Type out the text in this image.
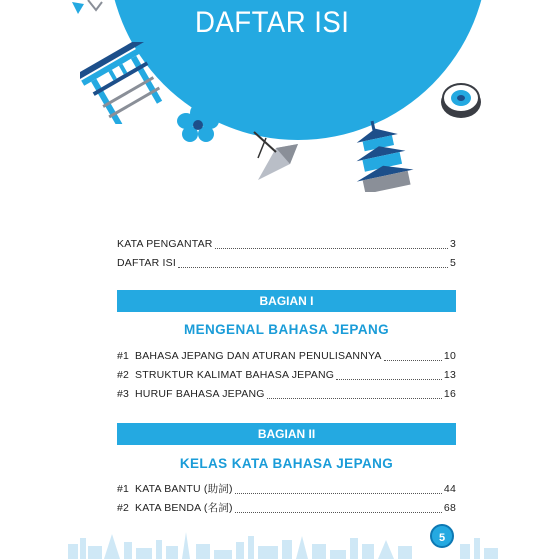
DAFTAR ISI
KATA PENGANTAR	3
DAFTAR ISI	5
BAGIAN I
MENGENAL BAHASA JEPANG
#1 BAHASA JEPANG DAN ATURAN PENULISANNYA	10
#2 STRUKTUR KALIMAT BAHASA JEPANG	13
#3 HURUF BAHASA JEPANG	16
BAGIAN II
KELAS KATA BAHASA JEPANG
#1 KATA BANTU (助詞)	44
#2 KATA BENDA (名詞)	68
5
